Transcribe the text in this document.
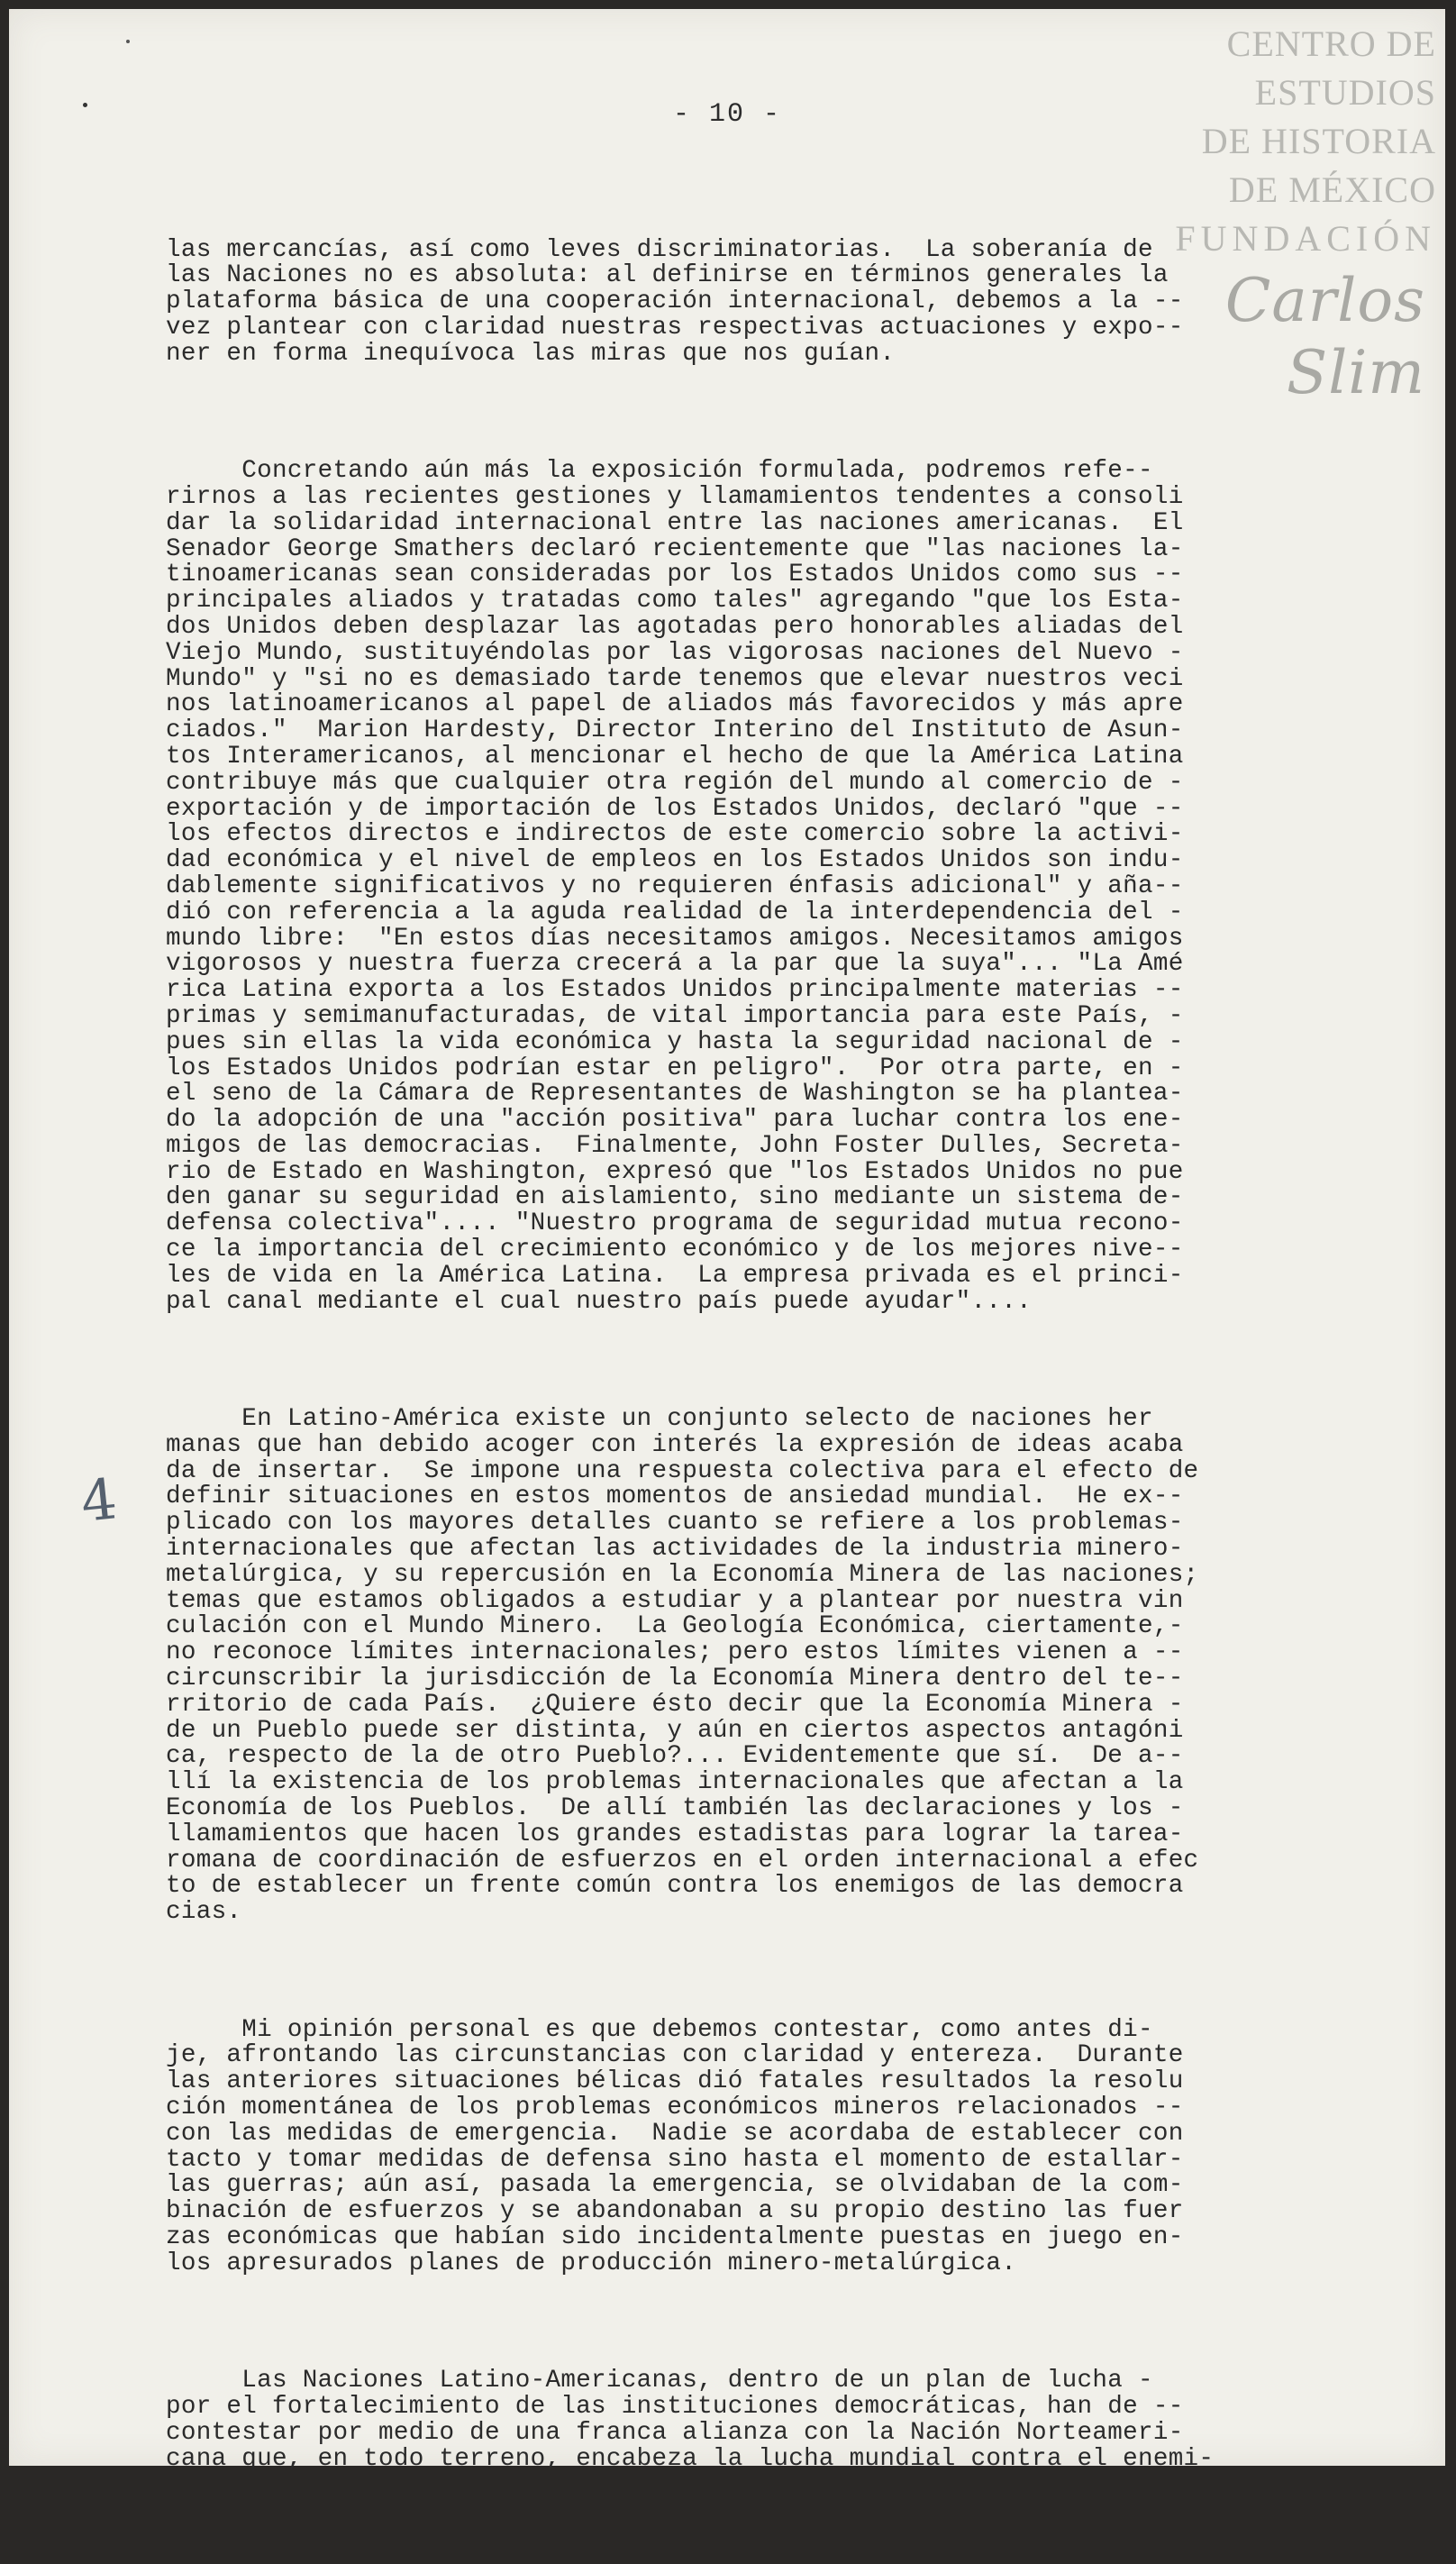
- 10 -
CENTRO DE
ESTUDIOS
DE HISTORIA
DE MÉXICO
FUNDACIÓN
Carlos Slim
4

las mercancías, así como leves discriminatorias.  La soberanía de
las Naciones no es absoluta: al definirse en términos generales la
plataforma básica de una cooperación internacional, debemos a la --
vez plantear con claridad nuestras respectivas actuaciones y expo--
ner en forma inequívoca las miras que nos guían.

Concretando aún más la exposición formulada, podremos refe--
rirnos a las recientes gestiones y llamamientos tendentes a consoli
dar la solidaridad internacional entre las naciones americanas.  El
Senador George Smathers declaró recientemente que "las naciones la-
tinoamericanas sean consideradas por los Estados Unidos como sus --
principales aliados y tratadas como tales" agregando "que los Esta-
dos Unidos deben desplazar las agotadas pero honorables aliadas del
Viejo Mundo, sustituyéndolas por las vigorosas naciones del Nuevo -
Mundo" y "si no es demasiado tarde tenemos que elevar nuestros veci
nos latinoamericanos al papel de aliados más favorecidos y más apre
ciados."  Marion Hardesty, Director Interino del Instituto de Asun-
tos Interamericanos, al mencionar el hecho de que la América Latina
contribuye más que cualquier otra región del mundo al comercio de -
exportación y de importación de los Estados Unidos, declaró "que --
los efectos directos e indirectos de este comercio sobre la activi-
dad económica y el nivel de empleos en los Estados Unidos son indu-
dablemente significativos y no requieren énfasis adicional" y aña--
dió con referencia a la aguda realidad de la interdependencia del -
mundo libre:  "En estos días necesitamos amigos. Necesitamos amigos
vigorosos y nuestra fuerza crecerá a la par que la suya"... "La Amé
rica Latina exporta a los Estados Unidos principalmente materias --
primas y semimanufacturadas, de vital importancia para este País, -
pues sin ellas la vida económica y hasta la seguridad nacional de -
los Estados Unidos podrían estar en peligro".  Por otra parte, en -
el seno de la Cámara de Representantes de Washington se ha plantea-
do la adopción de una "acción positiva" para luchar contra los ene-
migos de las democracias.  Finalmente, John Foster Dulles, Secreta-
rio de Estado en Washington, expresó que "los Estados Unidos no pue
den ganar su seguridad en aislamiento, sino mediante un sistema de-
defensa colectiva".... "Nuestro programa de seguridad mutua recono-
ce la importancia del crecimiento económico y de los mejores nive--
les de vida en la América Latina.  La empresa privada es el princi-
pal canal mediante el cual nuestro país puede ayudar"....

En Latino-América existe un conjunto selecto de naciones her
manas que han debido acoger con interés la expresión de ideas acaba
da de insertar.  Se impone una respuesta colectiva para el efecto de
definir situaciones en estos momentos de ansiedad mundial.  He ex--
plicado con los mayores detalles cuanto se refiere a los problemas-
internacionales que afectan las actividades de la industria minero-
metalúrgica, y su repercusión en la Economía Minera de las naciones;
temas que estamos obligados a estudiar y a plantear por nuestra vin
culación con el Mundo Minero.  La Geología Económica, ciertamente,-
no reconoce límites internacionales; pero estos límites vienen a --
circunscribir la jurisdicción de la Economía Minera dentro del te--
rritorio de cada País.  ¿Quiere ésto decir que la Economía Minera -
de un Pueblo puede ser distinta, y aún en ciertos aspectos antagóni
ca, respecto de la de otro Pueblo?... Evidentemente que sí.  De a--
llí la existencia de los problemas internacionales que afectan a la
Economía de los Pueblos.  De allí también las declaraciones y los -
llamamientos que hacen los grandes estadistas para lograr la tarea-
romana de coordinación de esfuerzos en el orden internacional a efec
to de establecer un frente común contra los enemigos de las democra
cias.

Mi opinión personal es que debemos contestar, como antes di-
je, afrontando las circunstancias con claridad y entereza.  Durante
las anteriores situaciones bélicas dió fatales resultados la resolu
ción momentánea de los problemas económicos mineros relacionados --
con las medidas de emergencia.  Nadie se acordaba de establecer con
tacto y tomar medidas de defensa sino hasta el momento de estallar-
las guerras; aún así, pasada la emergencia, se olvidaban de la com-
binación de esfuerzos y se abandonaban a su propio destino las fuer
zas económicas que habían sido incidentalmente puestas en juego en-
los apresurados planes de producción minero-metalúrgica.

Las Naciones Latino-Americanas, dentro de un plan de lucha -
por el fortalecimiento de las instituciones democráticas, han de --
contestar por medio de una franca alianza con la Nación Norteameri-
cana que, en todo terreno, encabeza la lucha mundial contra el enemi-
